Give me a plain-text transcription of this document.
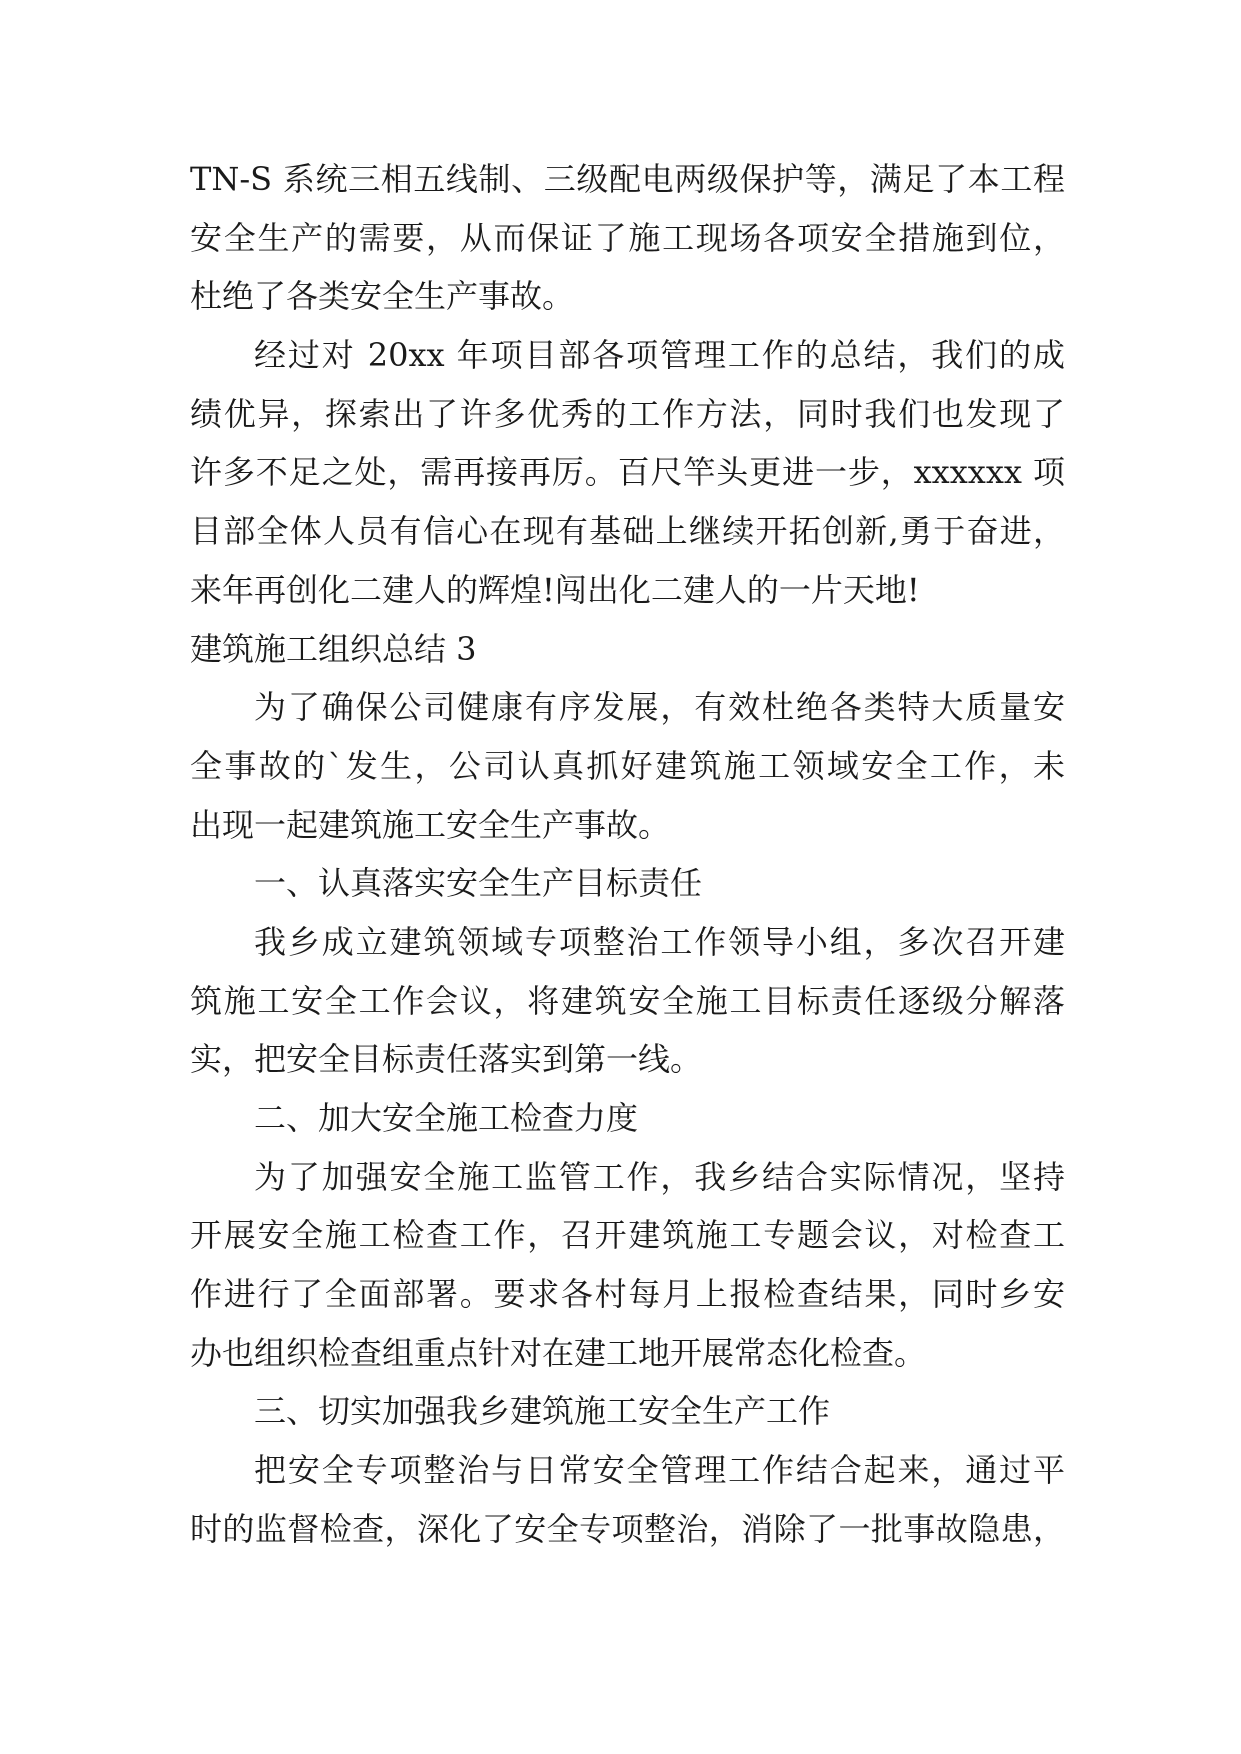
TN-S 系统三相五线制、三级配电两级保护等，满足了本工程

安全生产的需要，从而保证了施工现场各项安全措施到位，

杜绝了各类安全生产事故。

经过对 20xx 年项目部各项管理工作的总结，我们的成

绩优异，探索出了许多优秀的工作方法，同时我们也发现了

许多不足之处，需再接再厉。百尺竿头更进一步，xxxxxx 项

目部全体人员有信心在现有基础上继续开拓创新,勇于奋进，

来年再创化二建人的辉煌!闯出化二建人的一片天地!

建筑施工组织总结 3

为了确保公司健康有序发展，有效杜绝各类特大质量安

全事故的`发生，公司认真抓好建筑施工领域安全工作，未

出现一起建筑施工安全生产事故。

一、认真落实安全生产目标责任

我乡成立建筑领域专项整治工作领导小组，多次召开建

筑施工安全工作会议，将建筑安全施工目标责任逐级分解落

实，把安全目标责任落实到第一线。

二、加大安全施工检查力度

为了加强安全施工监管工作，我乡结合实际情况，坚持

开展安全施工检查工作，召开建筑施工专题会议，对检查工

作进行了全面部署。要求各村每月上报检查结果，同时乡安

办也组织检查组重点针对在建工地开展常态化检查。

三、切实加强我乡建筑施工安全生产工作

把安全专项整治与日常安全管理工作结合起来，通过平

时的监督检查，深化了安全专项整治，消除了一批事故隐患，
